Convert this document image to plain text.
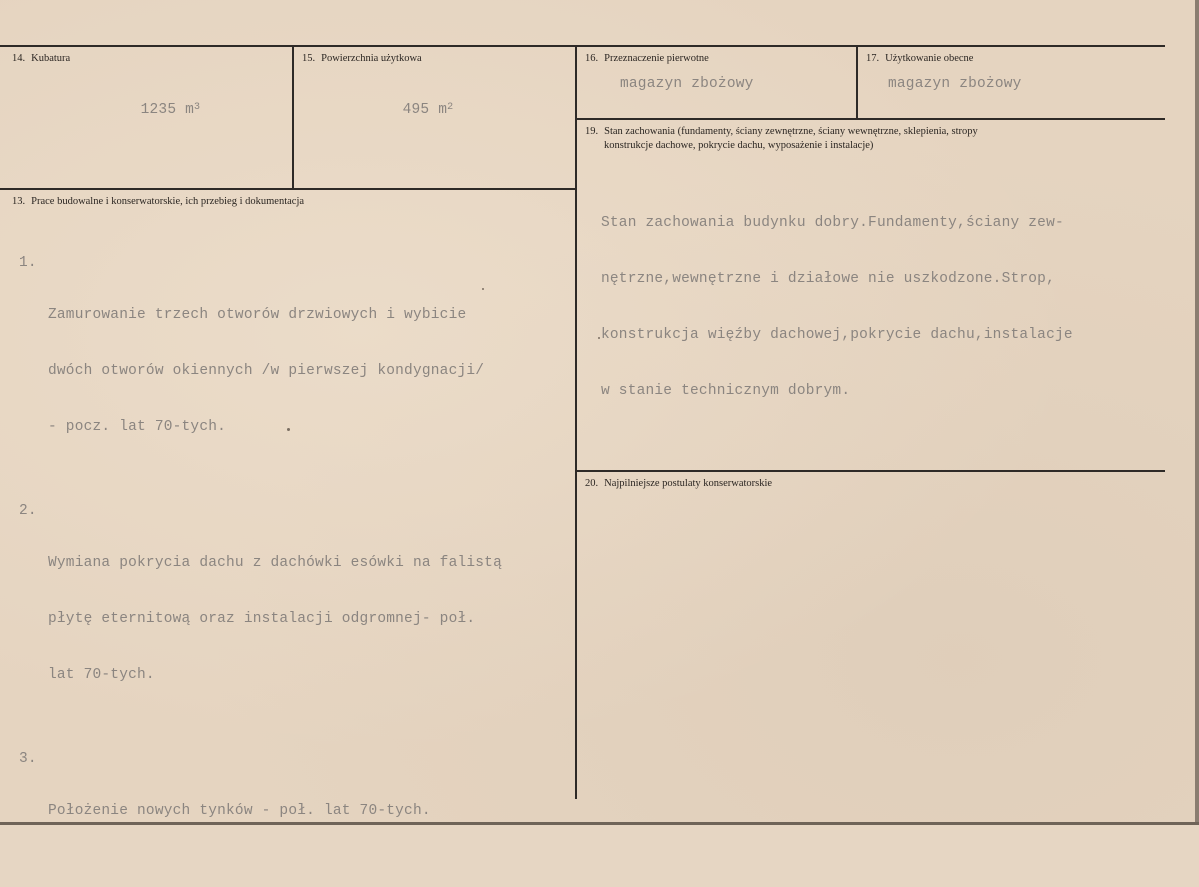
14. Kubatura

1235 $m^3$

15. Powierzchnia użytkowa

495 $m^2$

16. Przeznaczenie pierwotne
magazyn zbożowy
17. Użytkowanie obecne
magazyn zbożowy
13. Prace budowalne i konserwatorskie, ich przebieg i dokumentacja

1.

Zamurowanie trzech otworów drzwiowych i wybicie

dwóch otworów okiennych /w pierwszej kondygnacji/

- pocz. lat 70-tych.

2.

Wymiana pokrycia dachu z dachówki esówki na falistą

płytę eternitową oraz instalacji odgromnej- poł.

lat 70-tych.

3.

Położenie nowych tynków - poł. lat 70-tych.

19. Stan zachowania (fundamenty, ściany zewnętrzne, ściany wewnętrzne, sklepienia, stropy
konstrukcje dachowe, pokrycie dachu, wyposażenie i instalacje)

Stan zachowania budynku dobry.Fundamenty,ściany zew-

nętrzne,wewnętrzne i działowe nie uszkodzone.Strop,

konstrukcja więźby dachowej,pokrycie dachu,instalacje

w stanie technicznym dobrym.

20. Najpilniejsze postulaty konserwatorskie
